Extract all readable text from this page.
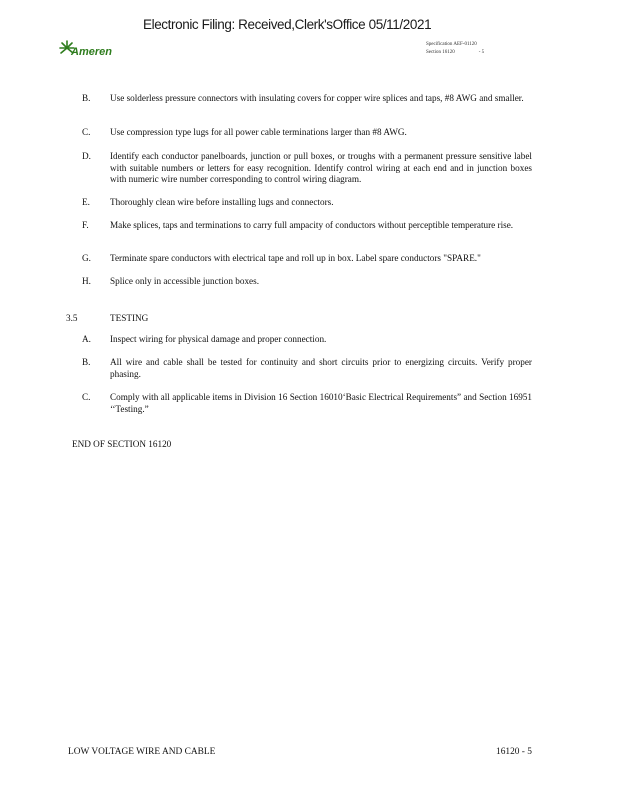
Electronic Filing: Received,Clerk'sOffice 05/11/2021
Ameren
Specification AEF-01120
Section 16120	- 5
B. Use solderless pressure connectors with insulating covers for copper wire splices and taps, #8 AWG and smaller.
C. Use compression type lugs for all power cable terminations larger than #8 AWG.
D. Identify each conductor panelboards, junction or pull boxes, or troughs with a permanent pressure sensitive label with suitable numbers or letters for easy recognition. Identify control wiring at each end and in junction boxes with numeric wire number corresponding to control wiring diagram.
E. Thoroughly clean wire before installing lugs and connectors.
F. Make splices, taps and terminations to carry full ampacity of conductors without perceptible temperature rise.
G. Terminate spare conductors with electrical tape and roll up in box. Label spare conductors "SPARE."
H. Splice only in accessible junction boxes.
3.5	TESTING
A. Inspect wiring for physical damage and proper connection.
B. All wire and cable shall be tested for continuity and short circuits prior to energizing circuits. Verify proper phasing.
C. Comply with all applicable items in Division 16 Section 16010‘Basic Electrical Requirements” and Section 16951 ‘‘Testing.”
END OF SECTION 16120
LOW VOLTAGE WIRE AND CABLE	16120 - 5
